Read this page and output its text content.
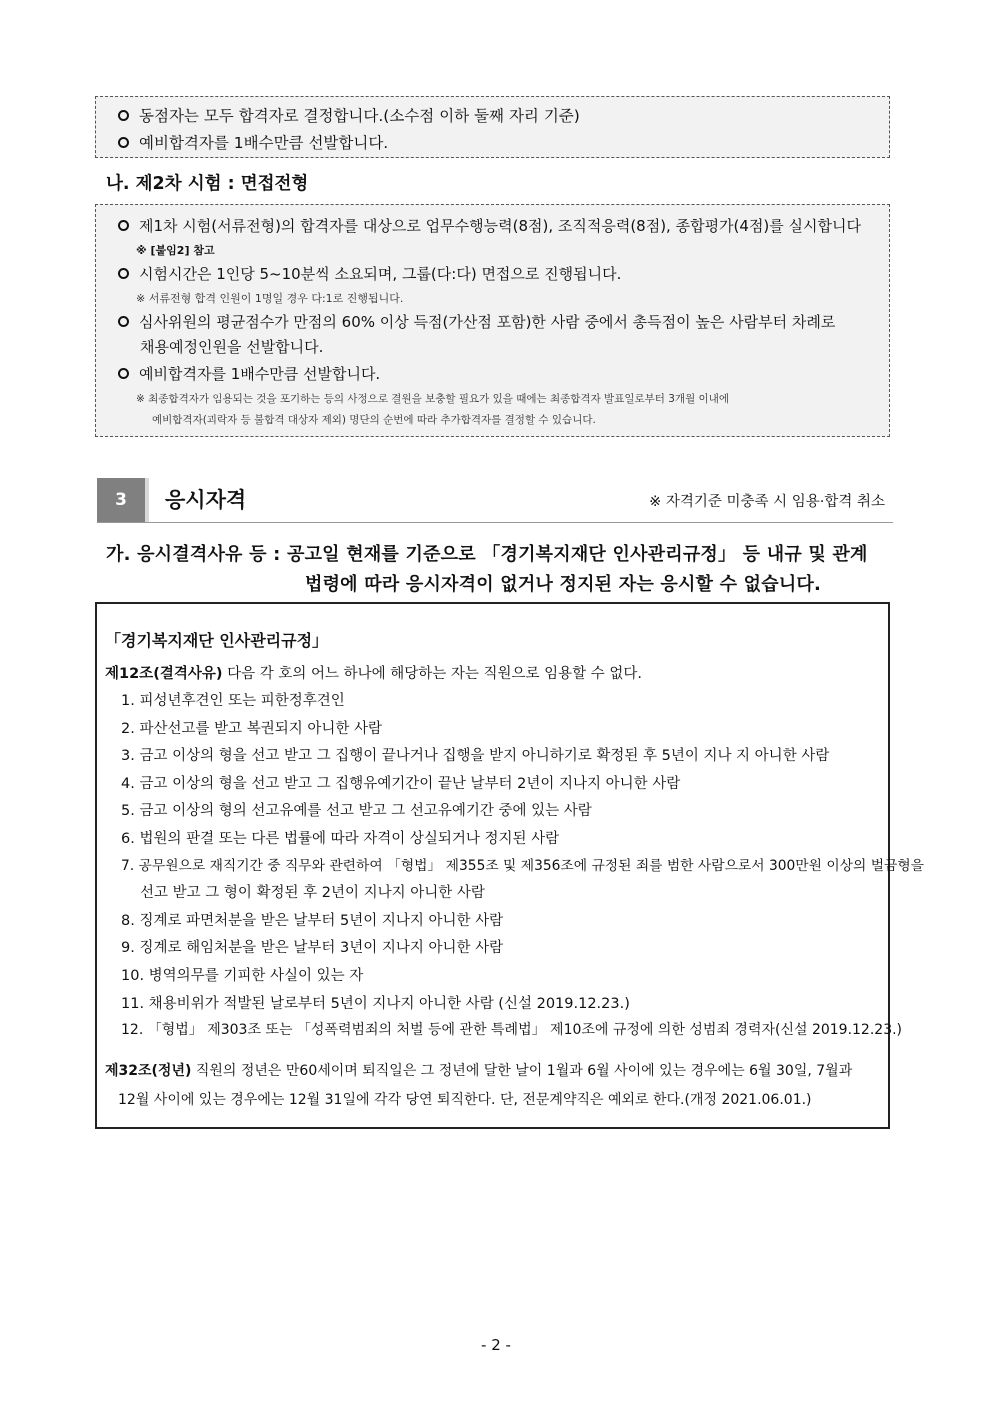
동점자는 모두 합격자로 결정합니다.(소수점 이하 둘째 자리 기준)
예비합격자를 1배수만큼 선발합니다.
나. 제2차 시험 : 면접전형
제1차 시험(서류전형)의 합격자를 대상으로 업무수행능력(8점), 조직적응력(8점), 종합평가(4점)를 실시합니다
※ [붙임2] 참고
시험시간은 1인당 5~10분씩 소요되며, 그룹(다:다) 면접으로 진행됩니다.
※ 서류전형 합격 인원이 1명일 경우 다:1로 진행됩니다.
심사위원의 평균점수가 만점의 60% 이상 득점(가산점 포함)한 사람 중에서 총득점이 높은 사람부터 차례로
채용예정인원을 선발합니다.
예비합격자를 1배수만큼 선발합니다.
※ 최종합격자가 임용되는 것을 포기하는 등의 사정으로 결원을 보충할 필요가 있을 때에는 최종합격자 발표일로부터 3개월 이내에
예비합격자(괴락자 등 불합격 대상자 제외) 명단의 순번에 따라 추가합격자를 결정할 수 있습니다.
3	응시자격	※ 자격기준 미충족 시 임용·합격 취소
가. 응시결격사유 등 : 공고일 현재를 기준으로 「경기복지재단 인사관리규정」 등 내규 및 관계
법령에 따라 응시자격이 없거나 정지된 자는 응시할 수 없습니다.
「경기복지재단 인사관리규정」
제12조(결격사유) 다음 각 호의 어느 하나에 해당하는 자는 직원으로 임용할 수 없다.
1. 피성년후견인 또는 피한정후견인
2. 파산선고를 받고 복권되지 아니한 사람
3. 금고 이상의 형을 선고 받고 그 집행이 끝나거나 집행을 받지 아니하기로 확정된 후 5년이 지나 지 아니한 사람
4. 금고 이상의 형을 선고 받고 그 집행유예기간이 끝난 날부터 2년이 지나지 아니한 사람
5. 금고 이상의 형의 선고유예를 선고 받고 그 선고유예기간 중에 있는 사람
6. 법원의 판결 또는 다른 법률에 따라 자격이 상실되거나 정지된 사람
7. 공무원으로 재직기간 중 직무와 관련하여 「형법」 제355조 및 제356조에 규정된 죄를 범한 사람으로서 300만원 이상의 벌금형을
선고 받고 그 형이 확정된 후 2년이 지나지 아니한 사람
8. 징계로 파면처분을 받은 날부터 5년이 지나지 아니한 사람
9. 징계로 해임처분을 받은 날부터 3년이 지나지 아니한 사람
10. 병역의무를 기피한 사실이 있는 자
11. 채용비위가 적발된 날로부터 5년이 지나지 아니한 사람 (신설 2019.12.23.)
12. 「형법」 제303조 또는 「성폭력범죄의 처벌 등에 관한 특례법」 제10조에 규정에 의한 성범죄 경력자(신설 2019.12.23.)
제32조(정년) 직원의 정년은 만60세이며 퇴직일은 그 정년에 달한 날이 1월과 6월 사이에 있는 경우에는 6월 30일, 7월과
12월 사이에 있는 경우에는 12월 31일에 각각 당연 퇴직한다. 단, 전문계약직은 예외로 한다.(개정 2021.06.01.)
- 2 -
